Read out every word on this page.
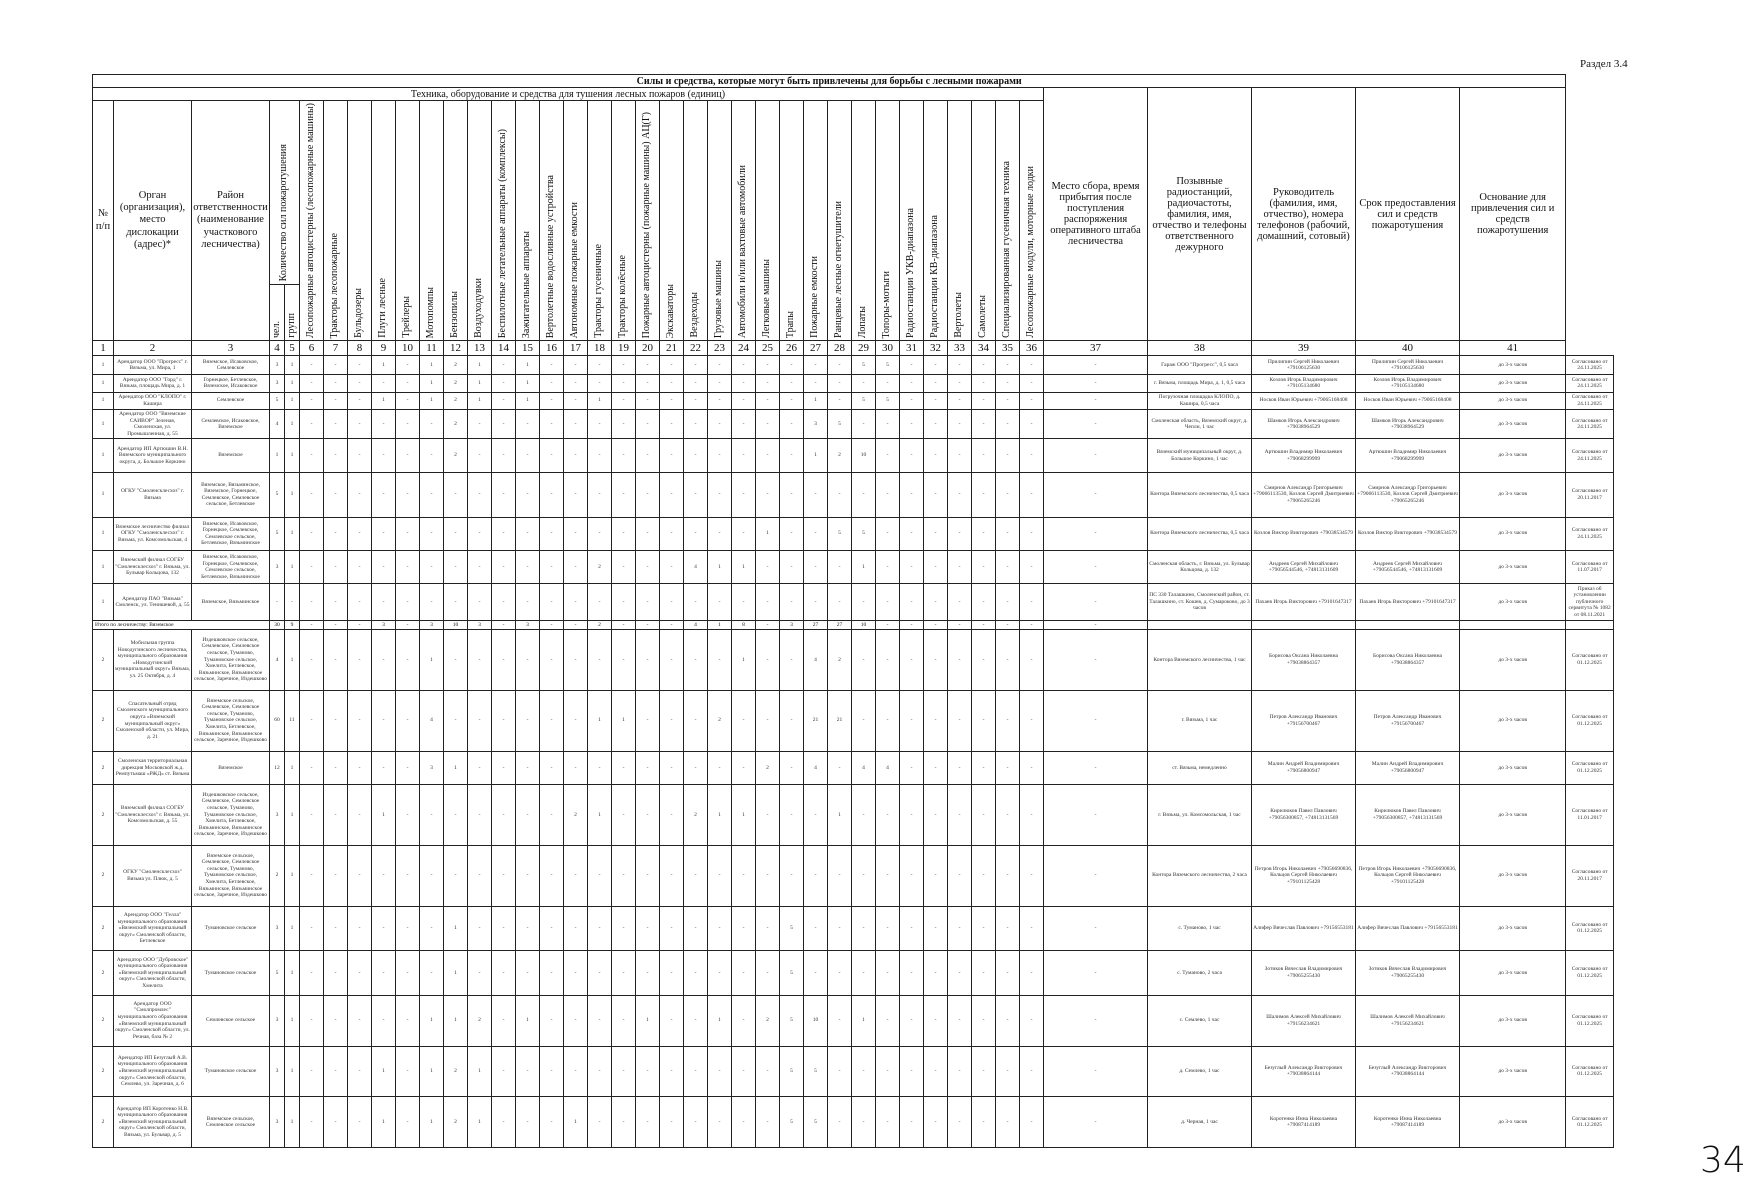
Раздел 3.4
Силы и средства, которые могут быть привлечены для борьбы с лесными пожарами																																									
Техника, оборудование и средства для тушения лесных пожаров (единиц)																																				Место сбора, время прибытия после поступления распоряжения оперативного штаба лесничества	Позывные радиостанций, радиочастоты, фамилия, имя, отчество и телефоны ответственного дежурного	Руководитель (фамилия, имя, отчество), номера телефонов (рабочий, домашний, сотовый)	Срок предоставления сил и средств пожаротушения	Основание для привлечения сил и средств пожаротушения	
№ п/п	Орган (организация), место дислокации (адрес)*	Район ответственности (наименование участкового лесничества)	Количество сил пожаротушения		Лесопожарные автоцистерны (лесопожарные машины)	Тракторы лесопожарные	Бульдозеры	Плуги лесные	Трейлеры	Мотопомпы	Бензопилы	Воздуходувки	Беспилотные летательные аппараты (комплексы)	Зажигательные аппараты	Вертолетные водосливные устройства	Автономные пожарные емкости	Тракторы гусеничные	Тракторы колёсные	Пожарные автоцистерны (пожарные машины) АЦ(Г)	Экскаваторы	Вездеходы	Грузовые машины	Автомобили и/или вахтовые автомобили	Легковые машины	Трапы	Пожарные емкости	Ранцевые лесные огнетушители	Лопаты	Топоры-мотыги	Радиостанции УКВ-диапазона	Радиостанции КВ-диапазона	Вертолеты	Самолеты	Специализированная гусеничная техника	Лесопожарные модули, моторные лодки						

			чел.	групп																																					

1	2	3	4	5	6	7	8	9	10	11	12	13	14	15	16	17	18	19	20	21	22	23	24	25	26	27	28	29	30	31	32	33	34	35	36	37	38	39	40	41	
1	Арендатор ООО "Прогресс" г. Вязьма, ул. Мира, 1	Вяземское, Исаковское, Семлевское	3	1	-	-	-	1	-	1	2	1	-	1	-	-	-	-	-	-	-	-	-	-	-	-	-	5	5	-	-	-	-	-	-	-	Гараж ООО "Прогресс", 0,5 часа	Прилипин Сергей Николаевич +79106125630	Прилипин Сергей Николаевич +79106125630	до 3-х часов	Согласовано от 24.11.2025
1	Арендатор ООО "Горд" г. Вязьма, площадь Мира, д. 1	Горнецкое, Бетлевское, Вяземское, Исаковское	3	1	-	-	-	-	-	1	2	1	-	1	-	-	-	-	-	-	-	-	-	-	-	-	-	-	-	-	-	-	-	-	-	-	г. Вязьма, площадь Мира, д. 1, 0,5 часа	Козлов Игорь Владимирович +79105134680	Козлов Игорь Владимирович +79105134680	до 3-х часов	Согласовано от 24.11.2025
1	Арендатор ООО "КЛОПО" г. Кашира	Семлевское	5	1	-	-	-	1	-	1	2	1	-	1	-	-	1	-	-	-	-	-	-	-	-	1	-	5	5	-	-	-	-	-	-	-	Погрузочная площадка КЛОПО, д. Кашира, 0,5 часа	Носков Иван Юрьевич +79065168408	Носков Иван Юрьевич +79065168408	до 3-х часов	Согласовано от 24.11.2025
1	Арендатор ООО "Вяземские САИВОР" Зеленая, Смоленская, ул. Промышленная, д. 55	Семлевское, Исаковское, Вяземское	4	1	-	-	-	-	-	-	2	-	-	-	-	-	-	-	-	-	-	-	-	-	-	3	5	-	-	-	-	-	-	-	-	-	Смоленская область, Вяземский округ, д. Чепли, 1 час	Шамков Игорь Александрович +79038964529	Шамков Игорь Александрович +79038964529	до 3-х часов	Согласовано от 24.11.2025
1	Арендатор ИП Артюшин В.Н. Вяземского муниципального округа, д. Большое Коркино	Вяземское	1	1	-	-	-	-	-	-	2	-	-	-	-	-	-	-	-	-	-	-	-	-	-	1	2	10	-	-	-	-	-	-	-	-	Вяземский муниципальный округ, д. Большое Коркино, 1 час	Артюшин Владимир Николаевич +79068299999	Артюшин Владимир Николаевич +79068299999	до 3-х часов	Согласовано от 24.11.2025
1	ОГКУ "Смоленсклесхоз" г. Вязьма	Вяземское, Вязьминское, Вяземское, Горнецкое, Семлевское, Семлевское сельское, Бетлевское	5	1	-	-	-	-	-	-	-	-	-	-	-	-	-	-	-	-	-	-	-	-	-	-	-	-	-	-	-	-	-	-	-	-	Контора Вяземского лесничества, 0,5 часа	Смирнов Александр Григорьевич +79066113530, Козлов Сергей Дмитриевич +79065265246	Смирнов Александр Григорьевич +79066113530, Козлов Сергей Дмитриевич +79065265246	до 3-х часов	Согласовано от 20.11.2017
1	Вяземское лесничество филиал ОГКУ "Смоленсклесхоз" г. Вязьма, ул. Комсомольская, 4	Вяземское, Исаковское, Горнецкое, Семлевское, Семлевское сельское, Бетлевское, Вязьминское	5	1	-	-	-	-	-	-	-	-	-	-	-	-	-	-	-	-	-	-	-	1	-	-	5	5	-	-	-	-	-	-	-	-	Контора Вяземского лесничества, 0,5 часа	Козлов Виктор Викторович +79038534579	Козлов Виктор Викторович +79038534579	до 3-х часов	Согласовано от 24.11.2025
1	Вяземский филиал СОГБУ "Смоленсклесхоз" г. Вязьма, ул. Бульвар Кольцова, 132	Вяземское, Исаковское, Горнецкое, Семлевское, Семлевское сельское, Бетлевское, Вязьминское	3	1	-	-	-	-	-	-	-	-	-	-	-	-	2	-	-	-	4	1	1	-	-	-	-	1	-	-	-	-	-	-	-	-	Смоленская область, г. Вязьма, ул. Бульвар Кольцова, д. 132	Андреев Сергей Михайлович +79056544546, +74813131609	Андреев Сергей Михайлович +79056544546, +74813131609	до 3-х часов	Согласовано от 11.07.2017
1	Арендатор ПАО "Вязьма" Смоленск, ул. Тенишевой, д. 55	Вяземское, Вязьминское	-	-	-	-	-	-	-	-	-	-	-	-	-	-	-	-	-	-	-	-	-	-	-	-	-	-	-	-	-	-	-	-	-	-	ПС 330 Талашкино, Смоленский район, ст. Талашкино, ст. Кошев, д. Сумароково, до 3 часов	Пахаев Игорь Викторович +79101647317	Пахаев Игорь Викторович +79101647317	до 3-х часов	Приказ об установлении публичного сервитута № 1082 от 08.11.2021
Итого по лесничеству: Вяземское			30	9	-	-	-	3	-	3	10	3	-	3	-	-	2	-	-	-	4	1	8	-	3	27	27	10	-	-	-	-	-	-	-	-					
2	Мобильная группа Новодугинского лесничества, муниципального образования «Новодугинский муниципальный округ» Вязьма, ул. 25 Октября, д. 4	Издешковское сельское, Семлевское, Семлевское сельское, Туманово, Тумановское сельское, Хмелита, Бетлевское, Вязьминское, Вязьминское сельское, Заречное, Издешково	4	1	-	-	-	-	-	1	-	-	-	-	-	-	-	-	-	-	-	-	1	-	-	4	2	-	-	-	-	-	-	-	-	-	Контора Вяземского лесничества, 1 час	Борисова Оксана Николаевна +79038864357	Борисова Оксана Николаевна +79038864357	до 3-х часов	Согласовано от 01.12.2025
2	Спасательный отряд Смоленского муниципального округа «Вяземский муниципальный округ» Смоленской области, ул. Мира, д. 21	Вяземское сельское, Семлевское, Семлевское сельское, Туманово, Тумановское сельское, Хмелита, Бетлевское, Вязьминское, Вязьминское сельское, Заречное, Издешково	60	11	-	-	-	-	-	4	-	-	-	-	-	-	1	1	-	-	-	2	-	-	-	21	21	-	-	-	-	-	-	-	-	-	г. Вязьма, 1 час	Петров Александр Иванович +79156700467	Петров Александр Иванович +79156700467	до 3-х часов	Согласовано от 01.12.2025
2	Смоленская территориальная дирекция Московской ж.д. Ремпутьмаш «РЖД» ст. Вязьма	Вяземское	12	1	-	-	-	-	-	3	1	-	-	-	-	-	-	-	-	-	-	-	-	2	-	4	-	4	4	-	-	-	-	-	-	-	ст. Вязьма, немедленно	Малин Андрей Владимирович +79056800947	Малин Андрей Владимирович +79056800947	до 3-х часов	Согласовано от 01.12.2025
2	Вяземский филиал СОГБУ "Смоленсклесхоз" г. Вязьма, ул. Комсомольская, д. 55	Издешковское сельское, Семлевское, Семлевское сельское, Туманово, Тумановское сельское, Хмелита, Бетлевское, Вязьминское, Вязьминское сельское, Заречное, Издешково	3	1	-	-	-	1	-	-	-	-	-	-	-	2	1	-	-	-	2	1	1	-	-	-	1	-	-	-	-	-	-	-	-	-	г. Вязьма, ул. Комсомольская, 1 час	Кирилюков Павел Павлович +79056300857, +74813131569	Кирилюков Павел Павлович +79056300857, +74813131569	до 3-х часов	Согласовано от 11.01.2017
2	ОГКУ "Смоленсклесхоз" Вязьма ул. Плюк, д. 5	Вяземское сельское, Семлевское, Семлевское сельское, Туманово, Тумановское сельское, Хмелита, Бетлевское, Вязьминское, Вязьминское сельское, Заречное, Издешково	2	1	-	-	-	-	-	-	-	-	-	-	-	-	-	-	-	-	-	-	-	-	-	-	-	-	-	-	-	-	-	-	-	-	Контора Вяземского лесничества, 2 часа	Петров Игорь Николаевич +79056690836, Кольцов Сергей Николаевич +79101125428	Петров Игорь Николаевич +79056690836, Кольцов Сергей Николаевич +79101125428	до 3-х часов	Согласовано от 20.11.2017
2	Арендатор ООО "Гелла" муниципального образования «Вяземский муниципальный округ» Смоленской области, Бетлевское	Тумановское сельское	3	1	-	-	-	-	-	-	1	-	-	-	-	-	-	-	-	-	-	-	-	-	5	-	-	-	-	-	-	-	-	-	-	-	с. Туманово, 1 час	Алифер Вячеслав Павлович +79156553181	Алифер Вячеслав Павлович +79156553181	до 3-х часов	Согласовано от 01.12.2025
2	Арендатор ООО "Дубровское" муниципального образования «Вяземский муниципальный округ» Смоленской области, Хмелита	Тумановское сельское	5	1	-	-	-	-	-	-	1	-	-	-	-	-	-	-	-	-	-	-	-	-	5	-	-	-	-	-	-	-	-	-	-	-	с. Туманово, 2 часа	Зотиков Вячеслав Владимирович +79065255430	Зотиков Вячеслав Владимирович +79065255430	до 3-х часов	Согласовано от 01.12.2025
2	Арендатор ООО "Смолпромлес" муниципального образования «Вяземский муниципальный округ» Смоленской области, ул. Речная, база № 2	Семлевское сельское	3	1	-	-	-	-	-	1	1	2	-	1	-	-	-	-	1	-	-	1	-	2	5	10	-	1	-	-	-	-	-	-	-	-	с. Семлево, 1 час	Шалимов Алексей Михайлович +79156234621	Шалимов Алексей Михайлович +79156234621	до 3-х часов	Согласовано от 01.12.2025
2	Арендатор ИП Безуглый А.В. муниципального образования «Вяземский муниципальный округ» Смоленской области, Семлево, ул. Заречная, д. 6	Тумановское сельское	3	1	-	-	-	1	-	1	2	1	-	-	-	-	-	-	-	-	-	-	-	-	5	5	-	-	-	-	-	-	-	-	-	-	д. Семлево, 1 час	Безуглый Александр Викторович +79038864144	Безуглый Александр Викторович +79038864144	до 3-х часов	Согласовано от 01.12.2025
2	Арендатор ИП Коротенко Н.В. муниципального образования «Вяземский муниципальный округ» Смоленской области, Вязьма, ул. Бульвар, д. 5	Вяземское сельское, Семлевское сельское	3	1	-	-	-	1	-	1	2	1	-	-	-	1	-	-	-	-	-	-	-	-	5	5	-	-	-	-	-	-	-	-	-	-	д. Черная, 1 час	Коротенко Инна Николаевна +79087414189	Коротенко Инна Николаевна +79087414189	до 3-х часов	Согласовано от 01.12.2025
34
